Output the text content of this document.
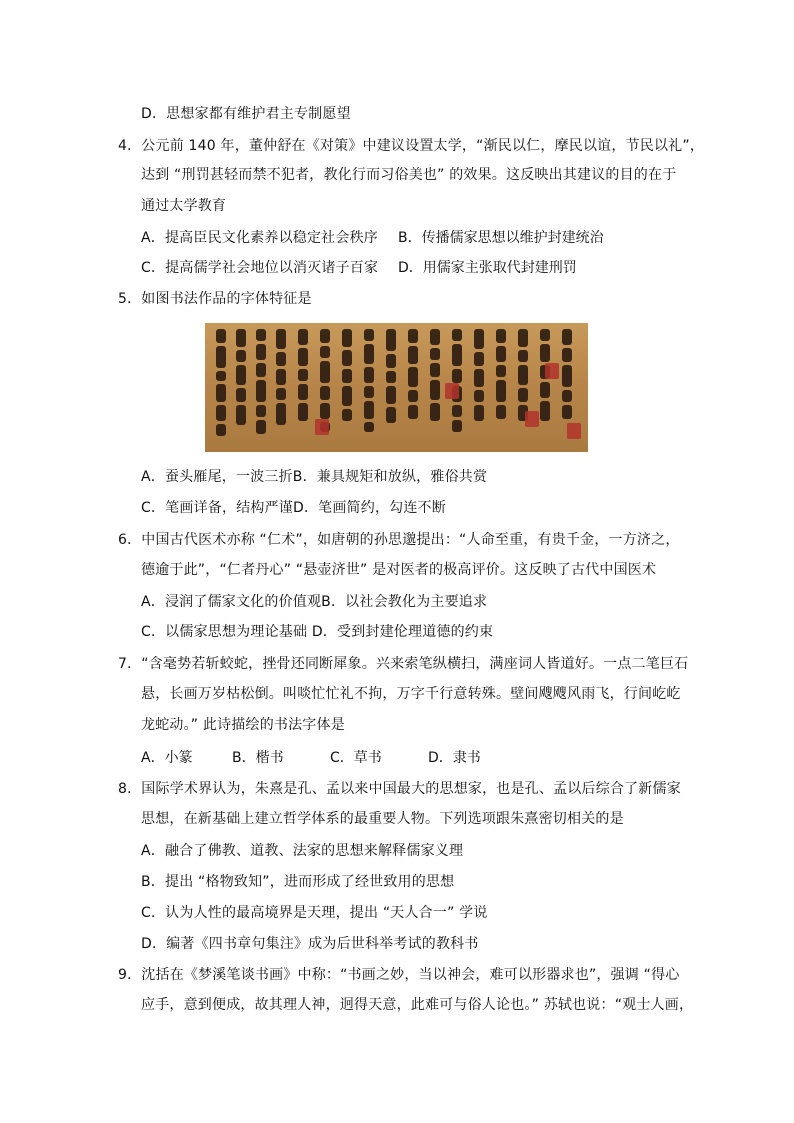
D．思想家都有维护君主专制愿望
4．公元前 140 年，董仲舒在《对策》中建议设置太学，“渐民以仁，摩民以谊，节民以礼”，
达到 “刑罚甚轻而禁不犯者，教化行而习俗美也” 的效果。这反映出其建议的目的在于
通过太学教育
A．提高臣民文化素养以稳定社会秩序 B．传播儒家思想以维护封建统治
C．提高儒学社会地位以消灭诸子百家 D．用儒家主张取代封建刑罚
5．如图书法作品的字体特征是
A．蚕头雁尾，一波三折B．兼具规矩和放纵，雅俗共赏
C．笔画详备，结构严谨D．笔画简约，勾连不断
6．中国古代医术亦称 “仁术”，如唐朝的孙思邈提出：“人命至重，有贵千金，一方济之，
德逾于此”，“仁者丹心” “悬壶济世” 是对医者的极高评价。这反映了古代中国医术
A．浸润了儒家文化的价值观B．以社会教化为主要追求
C．以儒家思想为理论基础 D．受到封建伦理道德的约束
7．“含毫势若斩蛟蛇，挫骨还同断犀象。兴来索笔纵横扫，满座词人皆道好。一点二笔巨石
悬，长画万岁枯松倒。叫啖忙忙礼不拘，万字千行意转殊。壁间飕飕风雨飞，行间屹屹
龙蛇动。” 此诗描绘的书法字体是
A．小篆	B．楷书	C．草书	D．隶书
8．国际学术界认为，朱熹是孔、孟以来中国最大的思想家，也是孔、孟以后综合了新儒家
思想，在新基础上建立哲学体系的最重要人物。下列选项跟朱熹密切相关的是
A．融合了佛教、道教、法家的思想来解释儒家义理
B．提出 “格物致知”，进而形成了经世致用的思想
C．认为人性的最高境界是天理，提出 “天人合一” 学说
D．编著《四书章句集注》成为后世科举考试的教科书
9．沈括在《梦溪笔谈书画》中称：“书画之妙，当以神会，难可以形器求也”，强调 “得心
应手，意到便成，故其理人神，迥得天意，此难可与俗人论也。” 苏轼也说：“观士人画，
